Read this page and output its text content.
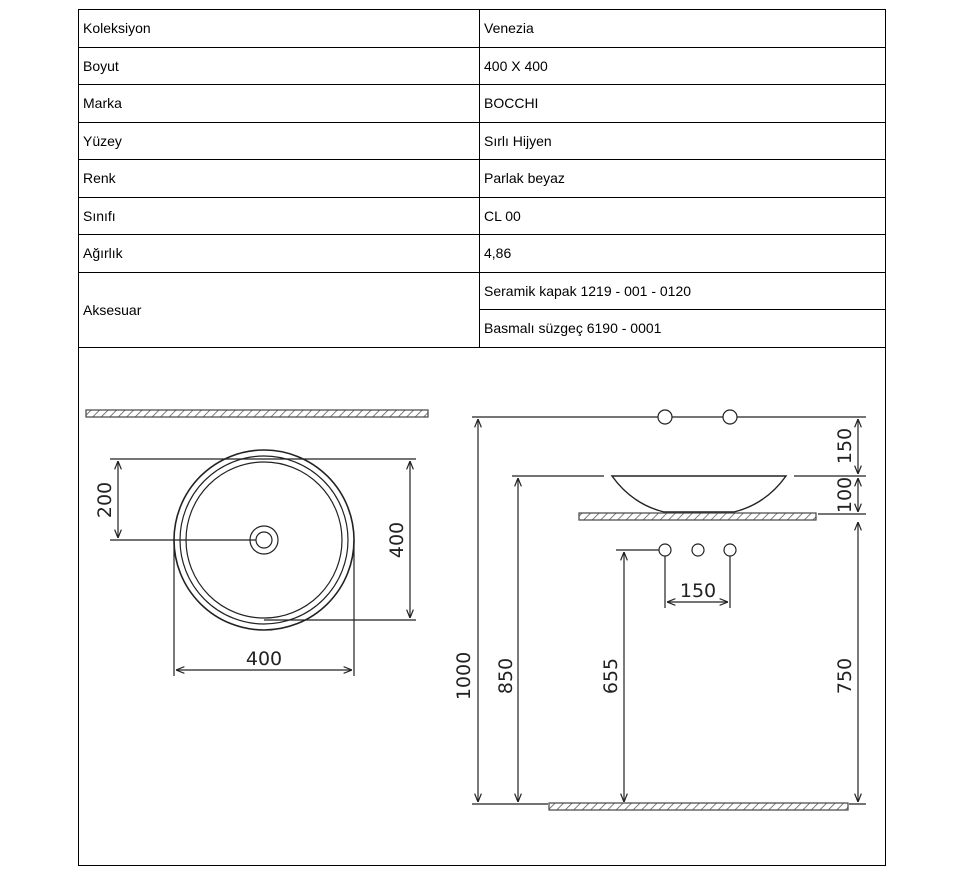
Koleksiyon	Venezia
Boyut	400 X 400
Marka	BOCCHI
Yüzey	Sırlı Hijyen
Renk	Parlak beyaz
Sınıfı	CL 00
Ağırlık	4,86
Aksesuar	Seramik kapak 1219 - 001 - 0120
	Basmalı süzgeç 6190 - 0001
200
400
400	1000 850	655	750
150
100
150
